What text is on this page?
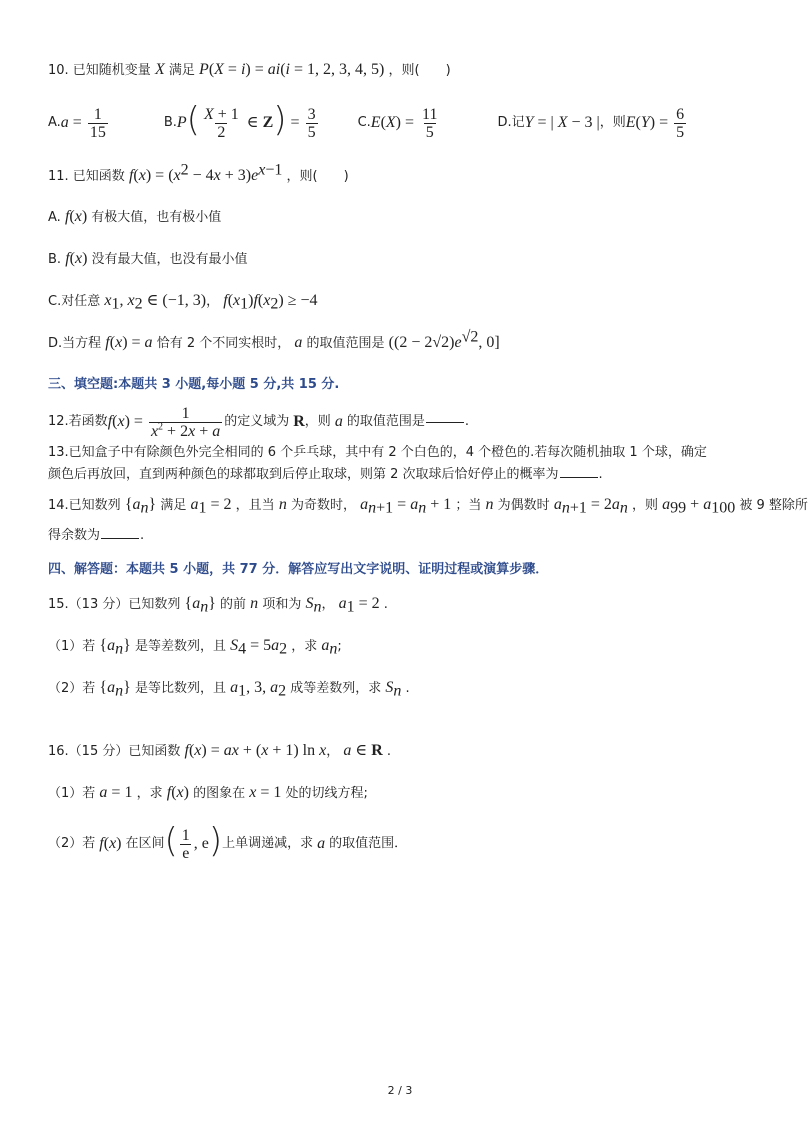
10. 已知随机变量 X 满足 P(X = i) = ai(i = 1, 2, 3, 4, 5) ，则(　　)
A. $a = \frac{1}{15}$	B. P ( $\frac{X + 1}{2}$ ∈ Z ) = $\frac{3}{5}$	C. E ( X ) = $\frac{11}{5}$	D.记 Y = | X − 3 | ，则 E ( Y ) = $\frac{6}{5}$
11. 已知函数 $f(x) = (x^2 - 4x + 3)e^{x-1}$ ，则(　　)
A. f(x) 有极大值，也有极小值
B. f(x) 没有最大值，也没有最小值
C.对任意 $x_1$, $x_2$ ∈ (−1, 3)， $f(x_1)f(x_2) \ge -4$
D.当方程 f(x) = a 恰有 2 个不同实根时， a 的取值范围是 ($(2 - 2√2)e^{√2}$, 0]
三、填空题:本题共 3 小题,每小题 5 分,共 15 分.
12.若函数 f ( x ) = $\frac{1}{x^2 + 2x + a}$ 的定义域为 R ，则 a 的取值范围是	.
13.已知盒子中有除颜色外完全相同的 6 个乒乓球，其中有 2 个白色的，4 个橙色的.若每次随机抽取 1 个球，确定
颜色后再放回，直到两种颜色的球都取到后停止取球，则第 2 次取球后恰好停止的概率为	.
14.已知数列 $\{a_n\}$ 满足 $a_1 = 2$ ，且当 n 为奇数时， $a_{n+1} = a_n + 1$ ；当 n 为偶数时 $a_{n+1} = 2a_n$ ，则 $a_{99} + a_{100}$ 被 9 整除所
得余数为	.
四、解答题：本题共 5 小题，共 77 分．解答应写出文字说明、证明过程或演算步骤．
15.（13 分）已知数列 $\{a_n\}$ 的前 n 项和为 $S_n$， $a_1 = 2$ .
（1）若 $\{a_n\}$ 是等差数列，且 $S_4 = 5a_2$ ，求 $a_n$;
（2）若 $\{a_n\}$ 是等比数列，且 $a_1$, 3, $a_2$ 成等差数列，求 $S_n$ .
16.（15 分）已知函数 f(x) = ax + (x + 1) ln x， a ∈ R .
（1）若 a = 1 ，求 f(x) 的图象在 x = 1 处的切线方程;
（2）若 f ( x ) 在区间 ( $\frac{1}{e}$ , e ) 上单调递减，求 a 的取值范围．
2 / 3
